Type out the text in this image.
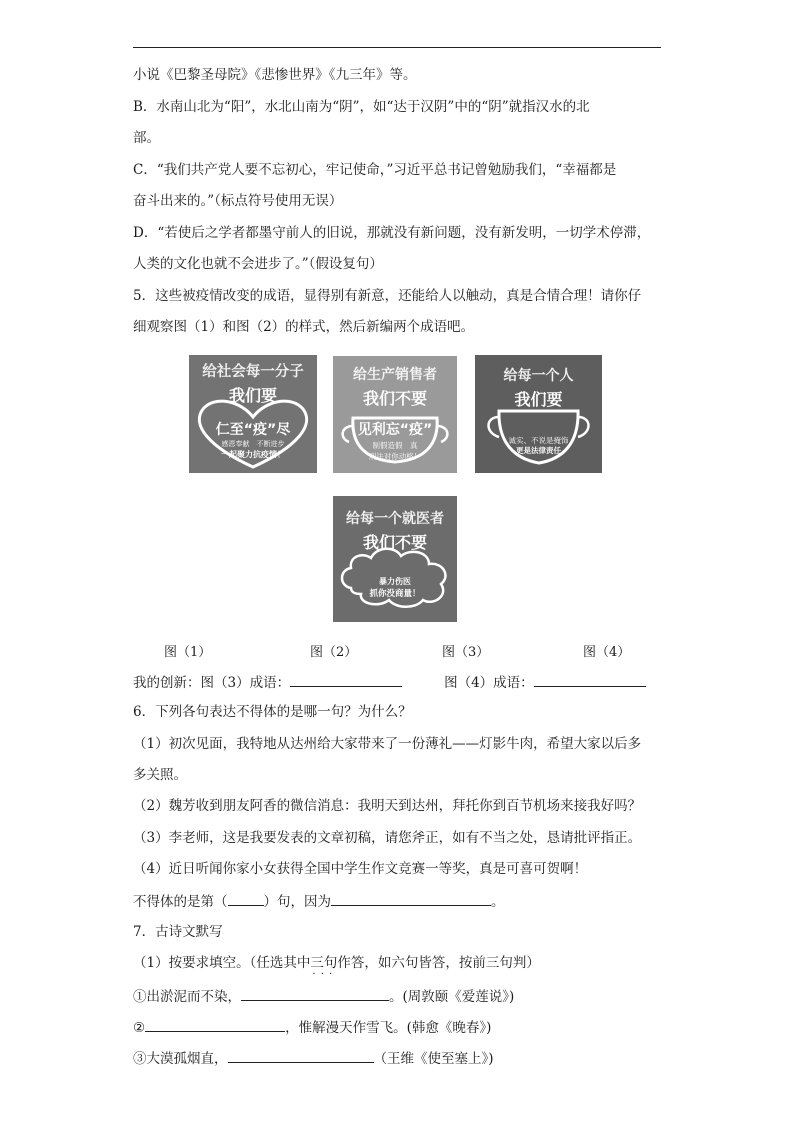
小说《巴黎圣母院》《悲惨世界》《九三年》等。
B．水南山北为“阳”，水北山南为“阴”，如“达于汉阴”中的“阴”就指汉水的北
部。
C．“我们共产党人要不忘初心，牢记使命，”习近平总书记曾勉励我们，“幸福都是
奋斗出来的。”（标点符号使用无误）
D．“若使后之学者都墨守前人的旧说，那就没有新问题，没有新发明，一切学术停滞，
人类的文化也就不会进步了。”（假设复句）
5．这些被疫情改变的成语，显得别有新意，还能给人以触动，真是合情合理！请你仔
细观察图（1）和图（2）的样式，然后新编两个成语吧。
给社会每一分子
我们要
仁至“疫”尽
感恩奉献　不断进步
一起聚力抗疫情！
给生产销售者
我们不要
见利忘“疫”
制假造假　真
刑法对你动格！
给每一个人
我们要
诚实、不说是掩饰
更是法律责任
给每一个就医者
我们不要
暴力伤医
抓你没商量！
图（1）	图（2）	图（3）	图（4）
我的创新：图（3）成语：	图（4）成语：
6．下列各句表达不得体的是哪一句？为什么？
（1）初次见面，我特地从达州给大家带来了一份薄礼——灯影牛肉，希望大家以后多
多关照。
（2）魏芳收到朋友阿香的微信消息：我明天到达州，拜托你到百节机场来接我好吗？
（3）李老师，这是我要发表的文章初稿，请您斧正，如有不当之处，恳请批评指正。
（4）近日听闻你家小女获得全国中学生作文竞赛一等奖，真是可喜可贺啊！
不得体的是第（	）句，因为	。
7．古诗文默写
（1）按要求填空。（任选其中三句 · · ·作答，如六句皆答，按前三句判）
①出淤泥而不染，	。(周敦颐《爱莲说》)
②	，惟解漫天作雪飞。(韩愈《晚春》)
③大漠孤烟直，	（王维《使至塞上》)
